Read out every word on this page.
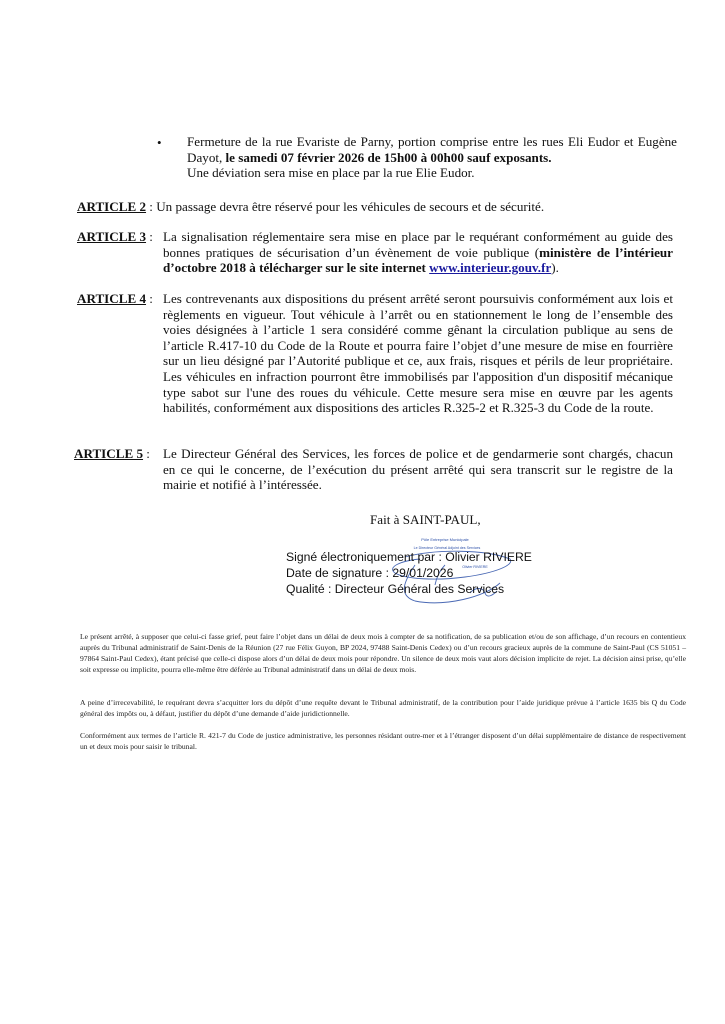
• Fermeture de la rue Evariste de Parny, portion comprise entre les rues Eli Eudor et Eugène Dayot, le samedi 07 février 2026 de 15h00 à 00h00 sauf exposants.
Une déviation sera mise en place par la rue Elie Eudor.
ARTICLE 2 : Un passage devra être réservé pour les véhicules de secours et de sécurité.
ARTICLE 3 : La signalisation réglementaire sera mise en place par le requérant conformément au guide des bonnes pratiques de sécurisation d’un évènement de voie publique (ministère de l’intérieur d’octobre 2018 à télécharger sur le site internet www.interieur.gouv.fr).
ARTICLE 4 : Les contrevenants aux dispositions du présent arrêté seront poursuivis conformément aux lois et règlements en vigueur. Tout véhicule à l’arrêt ou en stationnement le long de l’ensemble des voies désignées à l’article 1 sera considéré comme gênant la circulation publique au sens de l’article R.417-10 du Code de la Route et pourra faire l’objet d’une mesure de mise en fourrière sur un lieu désigné par l’Autorité publique et ce, aux frais, risques et périls de leur propriétaire. Les véhicules en infraction pourront être immobilisés par l'apposition d'un dispositif mécanique type sabot sur l'une des roues du véhicule. Cette mesure sera mise en œuvre par les agents habilités, conformément aux dispositions des articles R.325-2 et R.325-3 du Code de la route.
ARTICLE 5 : Le Directeur Général des Services, les forces de police et de gendarmerie sont chargés, chacun en ce qui le concerne, de l’exécution du présent arrêté qui sera transcrit sur le registre de la mairie et notifié à l’intéressée.
Fait à SAINT-PAUL,
Pôle Entreprise Municipale
Le Directeur Général Adjoint des Services
Olivier RIVIERE
Signé électroniquement par : Olivier RIVIERE
Date de signature : 29/01/2026
Qualité : Directeur Général des Services
Le présent arrêté, à supposer que celui-ci fasse grief, peut faire l’objet dans un délai de deux mois à compter de sa notification, de sa publication et/ou de son affichage, d’un recours en contentieux auprès du Tribunal administratif de Saint-Denis de la Réunion (27 rue Félix Guyon, BP 2024, 97488 Saint-Denis Cedex) ou d’un recours gracieux auprès de la commune de Saint-Paul (CS 51051 – 97864 Saint-Paul Cedex), étant précisé que celle-ci dispose alors d’un délai de deux mois pour répondre. Un silence de deux mois vaut alors décision implicite de rejet. La décision ainsi prise, qu’elle soit expresse ou implicite, pourra elle-même être déférée au Tribunal administratif dans un délai de deux mois.
A peine d’irrecevabilité, le requérant devra s’acquitter lors du dépôt d’une requête devant le Tribunal administratif, de la contribution pour l’aide juridique prévue à l’article 1635 bis Q du Code général des impôts ou, à défaut, justifier du dépôt d’une demande d’aide juridictionnelle.
Conformément aux termes de l’article R. 421-7 du Code de justice administrative, les personnes résidant outre-mer et à l’étranger disposent d’un délai supplémentaire de distance de respectivement un et deux mois pour saisir le tribunal.
